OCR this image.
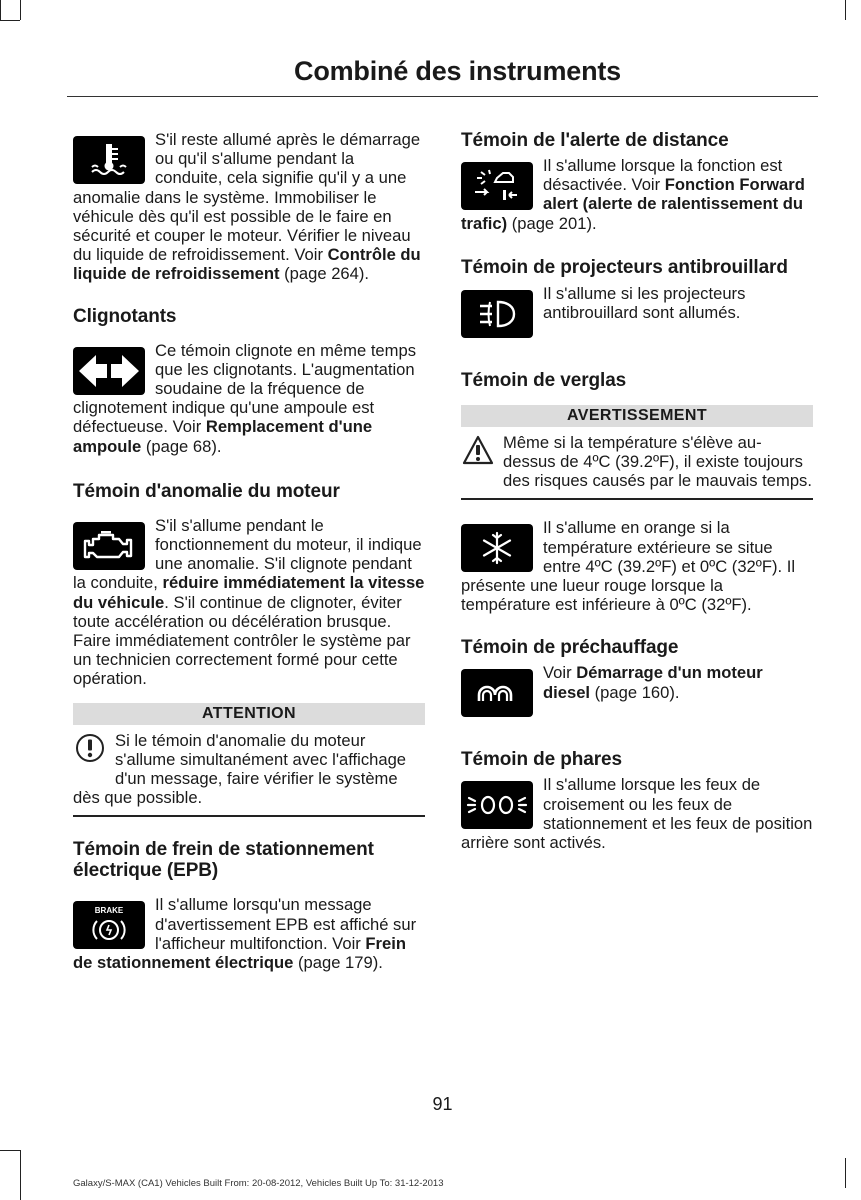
Combiné des instruments

S'il reste allumé après le démarrage ou qu'il s'allume pendant la conduite, cela signifie qu'il y a une anomalie dans le système. Immobiliser le véhicule dès qu'il est possible de le faire en sécurité et couper le moteur. Vérifier le niveau du liquide de refroidissement. Voir Contrôle du liquide de refroidissement (page 264).

Clignotants

Ce témoin clignote en même temps que les clignotants. L'augmentation soudaine de la fréquence de clignotement indique qu'une ampoule est défectueuse. Voir Remplacement d'une ampoule (page 68).

Témoin d'anomalie du moteur

S'il s'allume pendant le fonctionnement du moteur, il indique une anomalie. S'il clignote pendant la conduite, réduire immédiatement la vitesse du véhicule. S'il continue de clignoter, éviter toute accélération ou décélération brusque. Faire immédiatement contrôler le système par un technicien correctement formé pour cette opération.

ATTENTION

Si le témoin d'anomalie du moteur s'allume simultanément avec l'affichage d'un message, faire vérifier le système dès que possible.

Témoin de frein de stationnement électrique (EPB)
BRAKE	Il s'allume lorsqu'un message d'avertissement EPB est affiché sur l'afficheur multifonction. Voir Frein de stationnement électrique (page 179).

Témoin de l'alerte de distance

Il s'allume lorsque la fonction est désactivée. Voir Fonction Forward alert (alerte de ralentissement du trafic) (page 201).

Témoin de projecteurs antibrouillard

Il s'allume si les projecteurs antibrouillard sont allumés.

Témoin de verglas
AVERTISSEMENT

Même si la température s'élève au-dessus de 4ºC (39.2ºF), il existe toujours des risques causés par le mauvais temps.

Il s'allume en orange si la température extérieure se situe entre 4ºC (39.2ºF) et 0ºC (32ºF). Il présente une lueur rouge lorsque la température est inférieure à 0ºC (32ºF).

Témoin de préchauffage

Voir Démarrage d'un moteur diesel (page 160).

Témoin de phares

Il s'allume lorsque les feux de croisement ou les feux de stationnement et les feux de position arrière sont activés.

91
Galaxy/S-MAX (CA1) Vehicles Built From: 20-08-2012, Vehicles Built Up To: 31-12-2013
